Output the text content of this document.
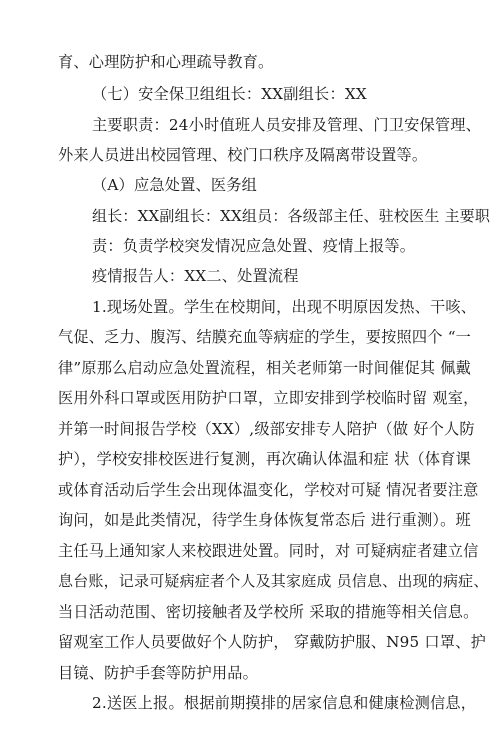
育、心理防护和心理疏导教育。
（七）安全保卫组组长：XX副组长：XX
主要职责：24小时值班人员安排及管理、门卫安保管理、
外来人员进出校园管理、校门口秩序及隔离带设置等。
（A）应急处置、医务组
组长：XX副组长：XX组员：各级部主任、驻校医生 主要职
责：负责学校突发情况应急处置、疫情上报等。
疫情报告人：XX二、处置流程
1.现场处置。学生在校期间，出现不明原因发热、干咳、
气促、乏力、腹泻、结膜充血等病症的学生，要按照四个 “一
律”原那么启动应急处置流程，相关老师第一时间催促其 佩戴
医用外科口罩或医用防护口罩，立即安排到学校临时留 观室，
并第一时间报告学校（XX）,级部安排专人陪护（做 好个人防
护），学校安排校医进行复测，再次确认体温和症 状（体育课
或体育活动后学生会出现体温变化，学校对可疑 情况者要注意
询问，如是此类情况，待学生身体恢复常态后 进行重测）。班
主任马上通知家人来校跟进处置。同时，对 可疑病症者建立信
息台账，记录可疑病症者个人及其家庭成 员信息、出现的病症、
当日活动范围、密切接触者及学校所 采取的措施等相关信息。
留观室工作人员要做好个人防护， 穿戴防护服、N95 口罩、护
目镜、防护手套等防护用品。
2.送医上报。根据前期摸排的居家信息和健康检测信息，
